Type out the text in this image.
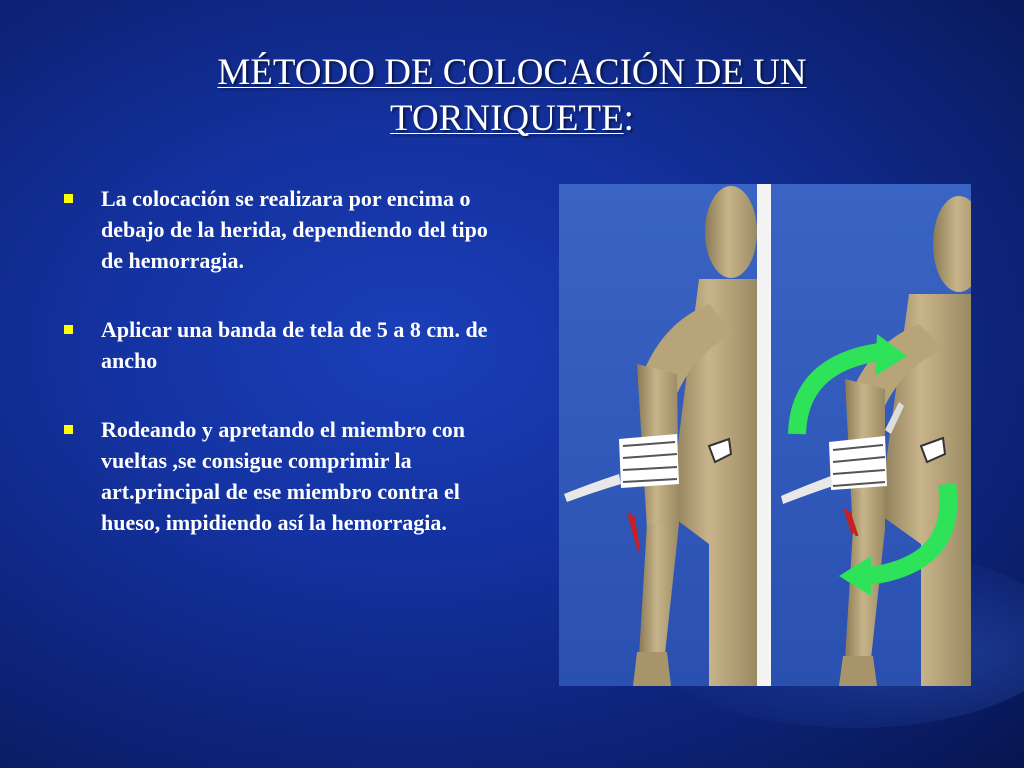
MÉTODO DE COLOCACIÓN DE UN
TORNIQUETE:
La colocación se realizara por encima o debajo de la herida, dependiendo del tipo de hemorragia.
Aplicar una banda de tela de 5 a 8 cm. de ancho
Rodeando y apretando el miembro con vueltas ,se consigue comprimir la art.principal de ese miembro contra el hueso, impidiendo así la hemorragia.
